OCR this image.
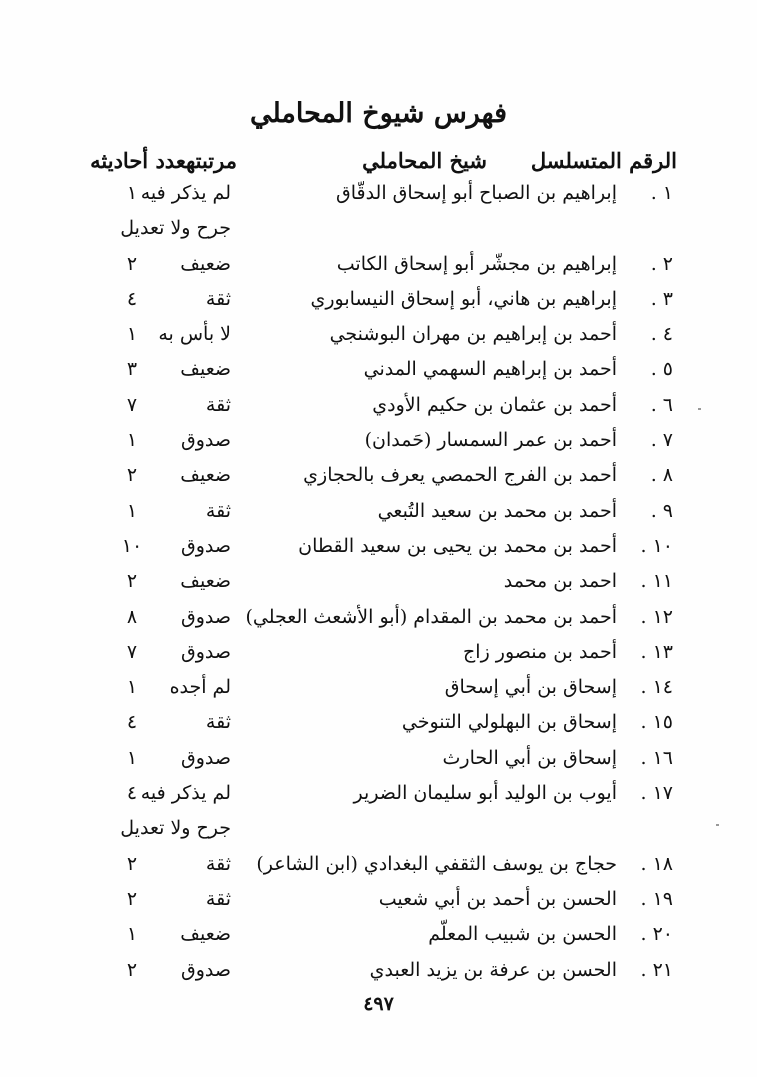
فهرس شيوخ المحاملي
الرقم المتسلسل
شيخ المحاملي
مرتبتهعدد أحاديثه
١ .
إبراهيم بن الصباح أبو إسحاق الدقّاق
لم يذكر فيه
١
جرح ولا تعديل
٢ .
إبراهيم بن مجشّر أبو إسحاق الكاتب
ضعيف
٢
٣ .
إبراهيم بن هاني، أبو إسحاق النيسابوري
ثقة
٤
٤ .
أحمد بن إبراهيم بن مهران البوشنجي
لا بأس به
١
٥ .
أحمد بن إبراهيم السهمي المدني
ضعيف
٣
٦ .
أحمد بن عثمان بن حكيم الأودي
ثقة
٧
٧ .
أحمد بن عمر السمسار (حَمدان)
صدوق
١
٨ .
أحمد بن الفرج الحمصي يعرف بالحجازي
ضعيف
٢
٩ .
أحمد بن محمد بن سعيد التُبعي
ثقة
١
١٠ .
أحمد بن محمد بن يحيى بن سعيد القطان
صدوق
١٠
١١ .
احمد بن محمد
ضعيف
٢
١٢ .
أحمد بن محمد بن المقدام (أبو الأشعث العجلي)
صدوق
٨
١٣ .
أحمد بن منصور زاج
صدوق
٧
١٤ .
إسحاق بن أبي إسحاق
لم أجده
١
١٥ .
إسحاق بن البهلولي التنوخي
ثقة
٤
١٦ .
إسحاق بن أبي الحارث
صدوق
١
١٧ .
أيوب بن الوليد أبو سليمان الضرير
لم يذكر فيه
٤
جرح ولا تعديل
١٨ .
حجاج بن يوسف الثقفي البغدادي (ابن الشاعر)
ثقة
٢
١٩ .
الحسن بن أحمد بن أبي شعيب
ثقة
٢
٢٠ .
الحسن بن شبيب المعلّم
ضعيف
١
٢١ .
الحسن بن عرفة بن يزيد العبدي
صدوق
٢
٤٩٧
